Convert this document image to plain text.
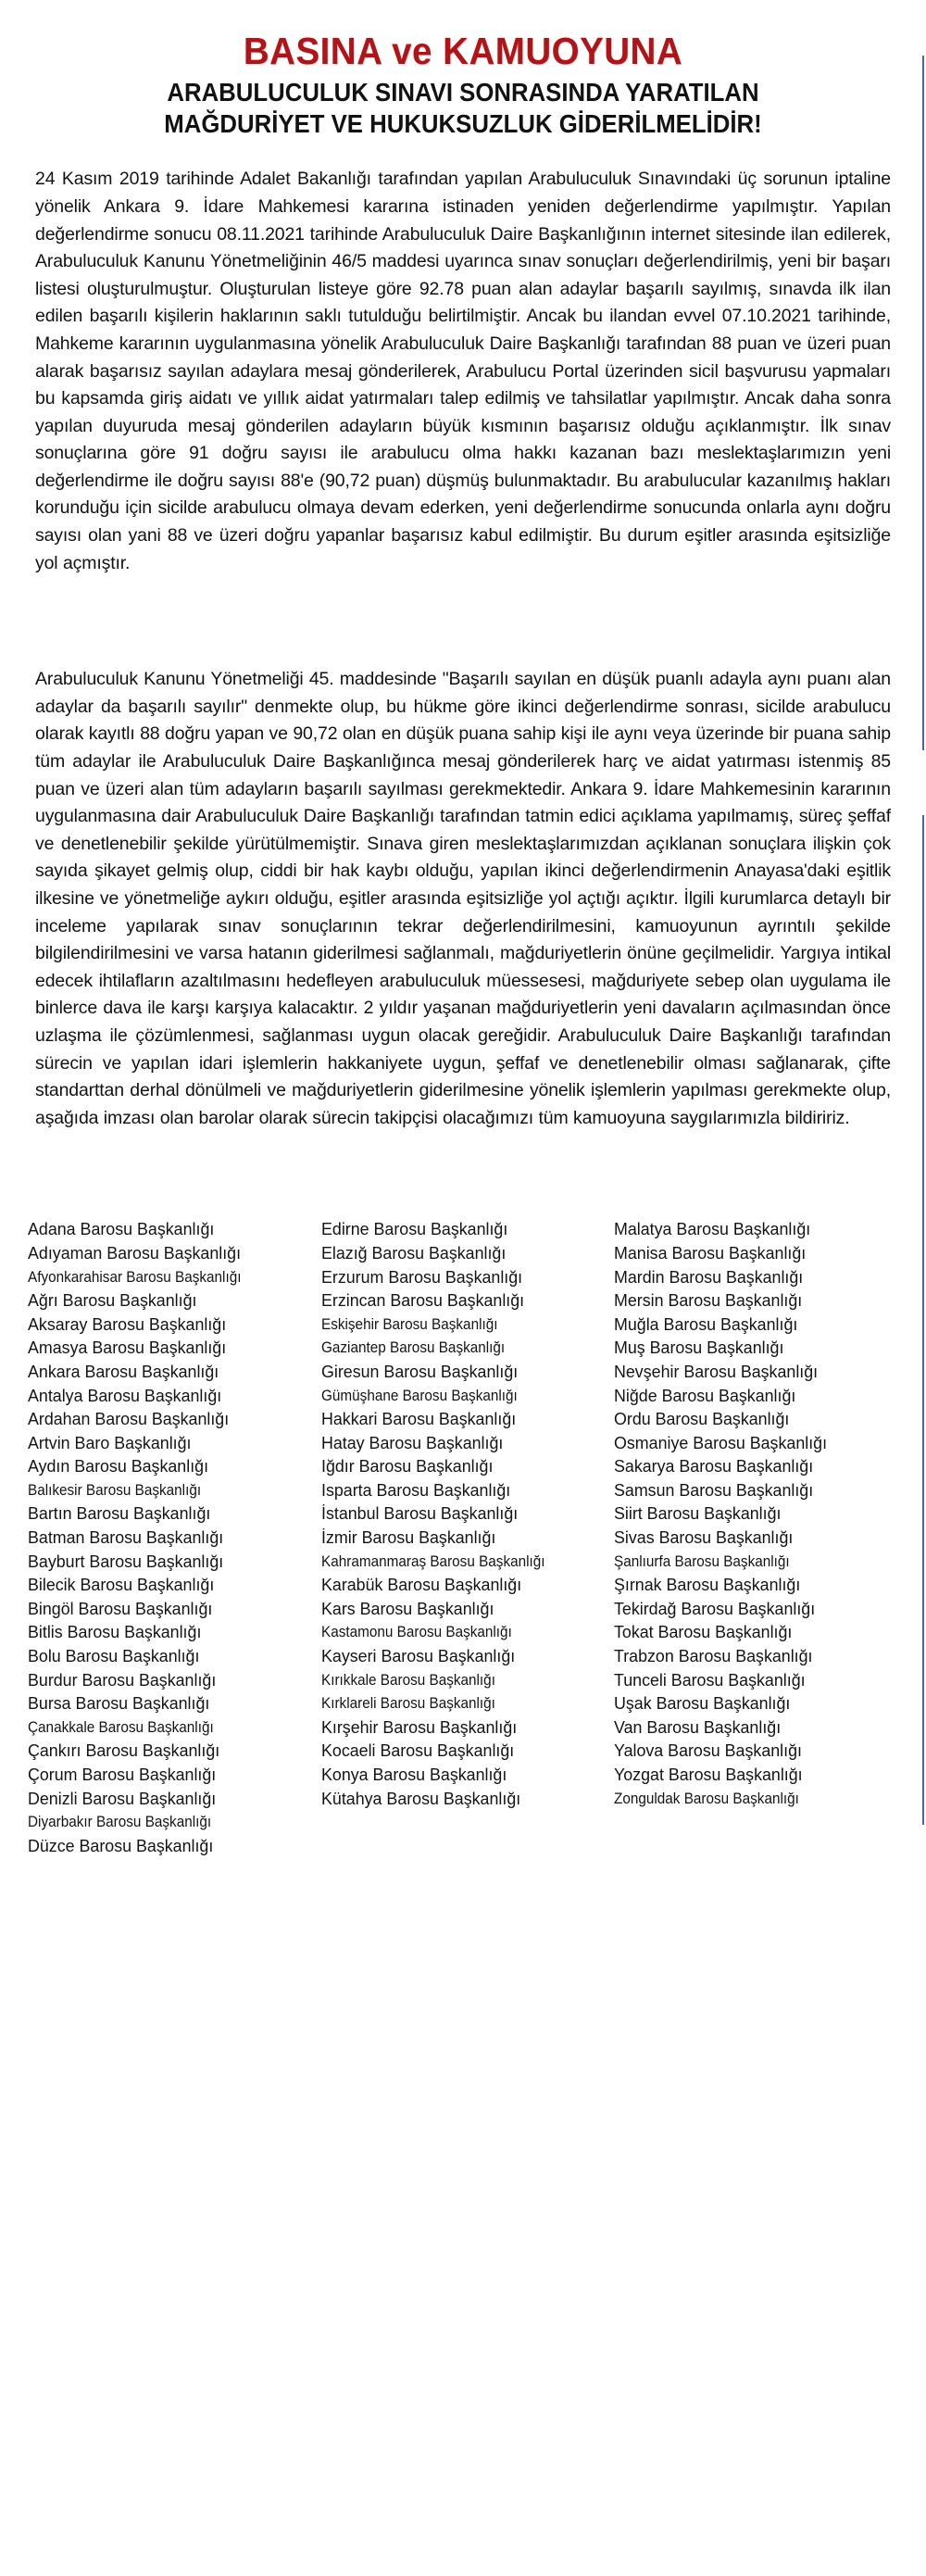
BASINA ve KAMUOYUNA
ARABULUCULUK SINAVI SONRASINDA YARATILAN
MAĞDURİYET VE HUKUKSUZLUK GİDERİLMELİDİR!

24 Kasım 2019 tarihinde Adalet Bakanlığı tarafından yapılan Arabuluculuk Sınavındaki üç sorunun iptaline yönelik Ankara 9. İdare Mahkemesi kararına istinaden yeniden değerlendirme yapılmıştır. Yapılan değerlendirme sonucu 08.11.2021 tarihinde Arabuluculuk Daire Başkanlığının internet sitesinde ilan edilerek, Arabuluculuk Kanunu Yönetmeliğinin 46/5 maddesi uyarınca sınav sonuçları değerlendirilmiş, yeni bir başarı listesi oluşturulmuştur. Oluşturulan listeye göre 92.78 puan alan adaylar başarılı sayılmış, sınavda ilk ilan edilen başarılı kişilerin haklarının saklı tutulduğu belirtilmiştir. Ancak bu ilandan evvel 07.10.2021 tarihinde, Mahkeme kararının uygulanmasına yönelik Arabuluculuk Daire Başkanlığı tarafından 88 puan ve üzeri puan alarak başarısız sayılan adaylara mesaj gönderilerek, Arabulucu Portal üzerinden sicil başvurusu yapmaları bu kapsamda giriş aidatı ve yıllık aidat yatırmaları talep edilmiş ve tahsilatlar yapılmıştır. Ancak daha sonra yapılan duyuruda mesaj gönderilen adayların büyük kısmının başarısız olduğu açıklanmıştır. İlk sınav sonuçlarına göre 91 doğru sayısı ile arabulucu olma hakkı kazanan bazı meslektaşlarımızın yeni değerlendirme ile doğru sayısı 88'e (90,72 puan) düşmüş bulunmaktadır. Bu arabulucular kazanılmış hakları korunduğu için sicilde arabulucu olmaya devam ederken, yeni değerlendirme sonucunda onlarla aynı doğru sayısı olan yani 88 ve üzeri doğru yapanlar başarısız kabul edilmiştir. Bu durum eşitler arasında eşitsizliğe yol açmıştır.

Arabuluculuk Kanunu Yönetmeliği 45. maddesinde "Başarılı sayılan en düşük puanlı adayla aynı puanı alan adaylar da başarılı sayılır" denmekte olup, bu hükme göre ikinci değerlendirme sonrası, sicilde arabulucu olarak kayıtlı 88 doğru yapan ve 90,72 olan en düşük puana sahip kişi ile aynı veya üzerinde bir puana sahip tüm adaylar ile Arabuluculuk Daire Başkanlığınca mesaj gönderilerek harç ve aidat yatırması istenmiş 85 puan ve üzeri alan tüm adayların başarılı sayılması gerekmektedir. Ankara 9. İdare Mahkemesinin kararının uygulanmasına dair Arabuluculuk Daire Başkanlığı tarafından tatmin edici açıklama yapılmamış, süreç şeffaf ve denetlenebilir şekilde yürütülmemiştir. Sınava giren meslektaşlarımızdan açıklanan sonuçlara ilişkin çok sayıda şikayet gelmiş olup, ciddi bir hak kaybı olduğu, yapılan ikinci değerlendirmenin Anayasa'daki eşitlik ilkesine ve yönetmeliğe aykırı olduğu, eşitler arasında eşitsizliğe yol açtığı açıktır. İlgili kurumlarca detaylı bir inceleme yapılarak sınav sonuçlarının tekrar değerlendirilmesini, kamuoyunun ayrıntılı şekilde bilgilendirilmesini ve varsa hatanın giderilmesi sağlanmalı, mağduriyetlerin önüne geçilmelidir. Yargıya intikal edecek ihtilafların azaltılmasını hedefleyen arabuluculuk müessesesi, mağduriyete sebep olan uygulama ile binlerce dava ile karşı karşıya kalacaktır. 2 yıldır yaşanan mağduriyetlerin yeni davaların açılmasından önce uzlaşma ile çözümlenmesi, sağlanması uygun olacak gereğidir. Arabuluculuk Daire Başkanlığı tarafından sürecin ve yapılan idari işlemlerin hakkaniyete uygun, şeffaf ve denetlenebilir olması sağlanarak, çifte standarttan derhal dönülmeli ve mağduriyetlerin giderilmesine yönelik işlemlerin yapılması gerekmekte olup, aşağıda imzası olan barolar olarak sürecin takipçisi olacağımızı tüm kamuoyuna saygılarımızla bildiririz.

Adana Barosu Başkanlığı
Adıyaman Barosu Başkanlığı
Afyonkarahisar Barosu Başkanlığı
Ağrı Barosu Başkanlığı
Aksaray Barosu Başkanlığı
Amasya Barosu Başkanlığı
Ankara Barosu Başkanlığı
Antalya Barosu Başkanlığı
Ardahan Barosu Başkanlığı
Artvin Baro Başkanlığı
Aydın Barosu Başkanlığı
Balıkesir Barosu Başkanlığı
Bartın Barosu Başkanlığı
Batman Barosu Başkanlığı
Bayburt Barosu Başkanlığı
Bilecik Barosu Başkanlığı
Bingöl Barosu Başkanlığı
Bitlis Barosu Başkanlığı
Bolu Barosu Başkanlığı
Burdur Barosu Başkanlığı
Bursa Barosu Başkanlığı
Çanakkale Barosu Başkanlığı
Çankırı Barosu Başkanlığı
Çorum Barosu Başkanlığı
Denizli Barosu Başkanlığı
Diyarbakır Barosu Başkanlığı
Düzce Barosu Başkanlığı
Edirne Barosu Başkanlığı
Elazığ Barosu Başkanlığı
Erzurum Barosu Başkanlığı
Erzincan Barosu Başkanlığı
Eskişehir Barosu Başkanlığı
Gaziantep Barosu Başkanlığı
Giresun Barosu Başkanlığı
Gümüşhane Barosu Başkanlığı
Hakkari Barosu Başkanlığı
Hatay Barosu Başkanlığı
Iğdır Barosu Başkanlığı
Isparta Barosu Başkanlığı
İstanbul Barosu Başkanlığı
İzmir Barosu Başkanlığı
Kahramanmaraş Barosu Başkanlığı
Karabük Barosu Başkanlığı
Kars Barosu Başkanlığı
Kastamonu Barosu Başkanlığı
Kayseri Barosu Başkanlığı
Kırıkkale Barosu Başkanlığı
Kırklareli Barosu Başkanlığı
Kırşehir Barosu Başkanlığı
Kocaeli Barosu Başkanlığı
Konya Barosu Başkanlığı
Kütahya Barosu Başkanlığı
Malatya Barosu Başkanlığı
Manisa Barosu Başkanlığı
Mardin Barosu Başkanlığı
Mersin Barosu Başkanlığı
Muğla Barosu Başkanlığı
Muş Barosu Başkanlığı
Nevşehir Barosu Başkanlığı
Niğde Barosu Başkanlığı
Ordu Barosu Başkanlığı
Osmaniye Barosu Başkanlığı
Sakarya Barosu Başkanlığı
Samsun Barosu Başkanlığı
Siirt Barosu Başkanlığı
Sivas Barosu Başkanlığı
Şanlıurfa Barosu Başkanlığı
Şırnak Barosu Başkanlığı
Tekirdağ Barosu Başkanlığı
Tokat Barosu Başkanlığı
Trabzon Barosu Başkanlığı
Tunceli Barosu Başkanlığı
Uşak Barosu Başkanlığı
Van Barosu Başkanlığı
Yalova Barosu Başkanlığı
Yozgat Barosu Başkanlığı
Zonguldak Barosu Başkanlığı
